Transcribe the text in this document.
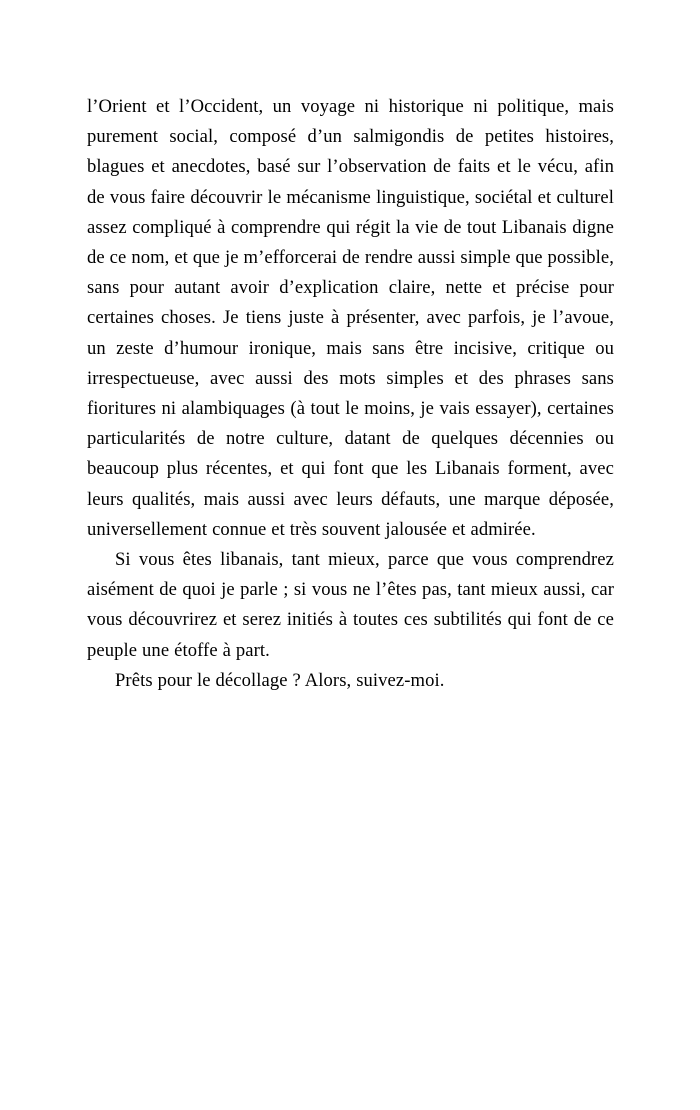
l’Orient et l’Occident, un voyage ni historique ni politique, mais purement social, composé d’un salmigondis de petites histoires, blagues et anecdotes, basé sur l’observation de faits et le vécu, afin de vous faire découvrir le mécanisme linguistique, sociétal et culturel assez compliqué à comprendre qui régit la vie de tout Libanais digne de ce nom, et que je m’efforcerai de rendre aussi simple que possible, sans pour autant avoir d’explication claire, nette et précise pour certaines choses. Je tiens juste à présenter, avec parfois, je l’avoue, un zeste d’humour ironique, mais sans être incisive, critique ou irrespectueuse, avec aussi des mots simples et des phrases sans fioritures ni alambiquages (à tout le moins, je vais essayer), certaines particularités de notre culture, datant de quelques décennies ou beaucoup plus récentes, et qui font que les Libanais forment, avec leurs qualités, mais aussi avec leurs défauts, une marque déposée, universellement connue et très souvent jalousée et admirée.

Si vous êtes libanais, tant mieux, parce que vous comprendrez aisément de quoi je parle ; si vous ne l’êtes pas, tant mieux aussi, car vous découvrirez et serez initiés à toutes ces subtilités qui font de ce peuple une étoffe à part.

Prêts pour le décollage ? Alors, suivez-moi.
